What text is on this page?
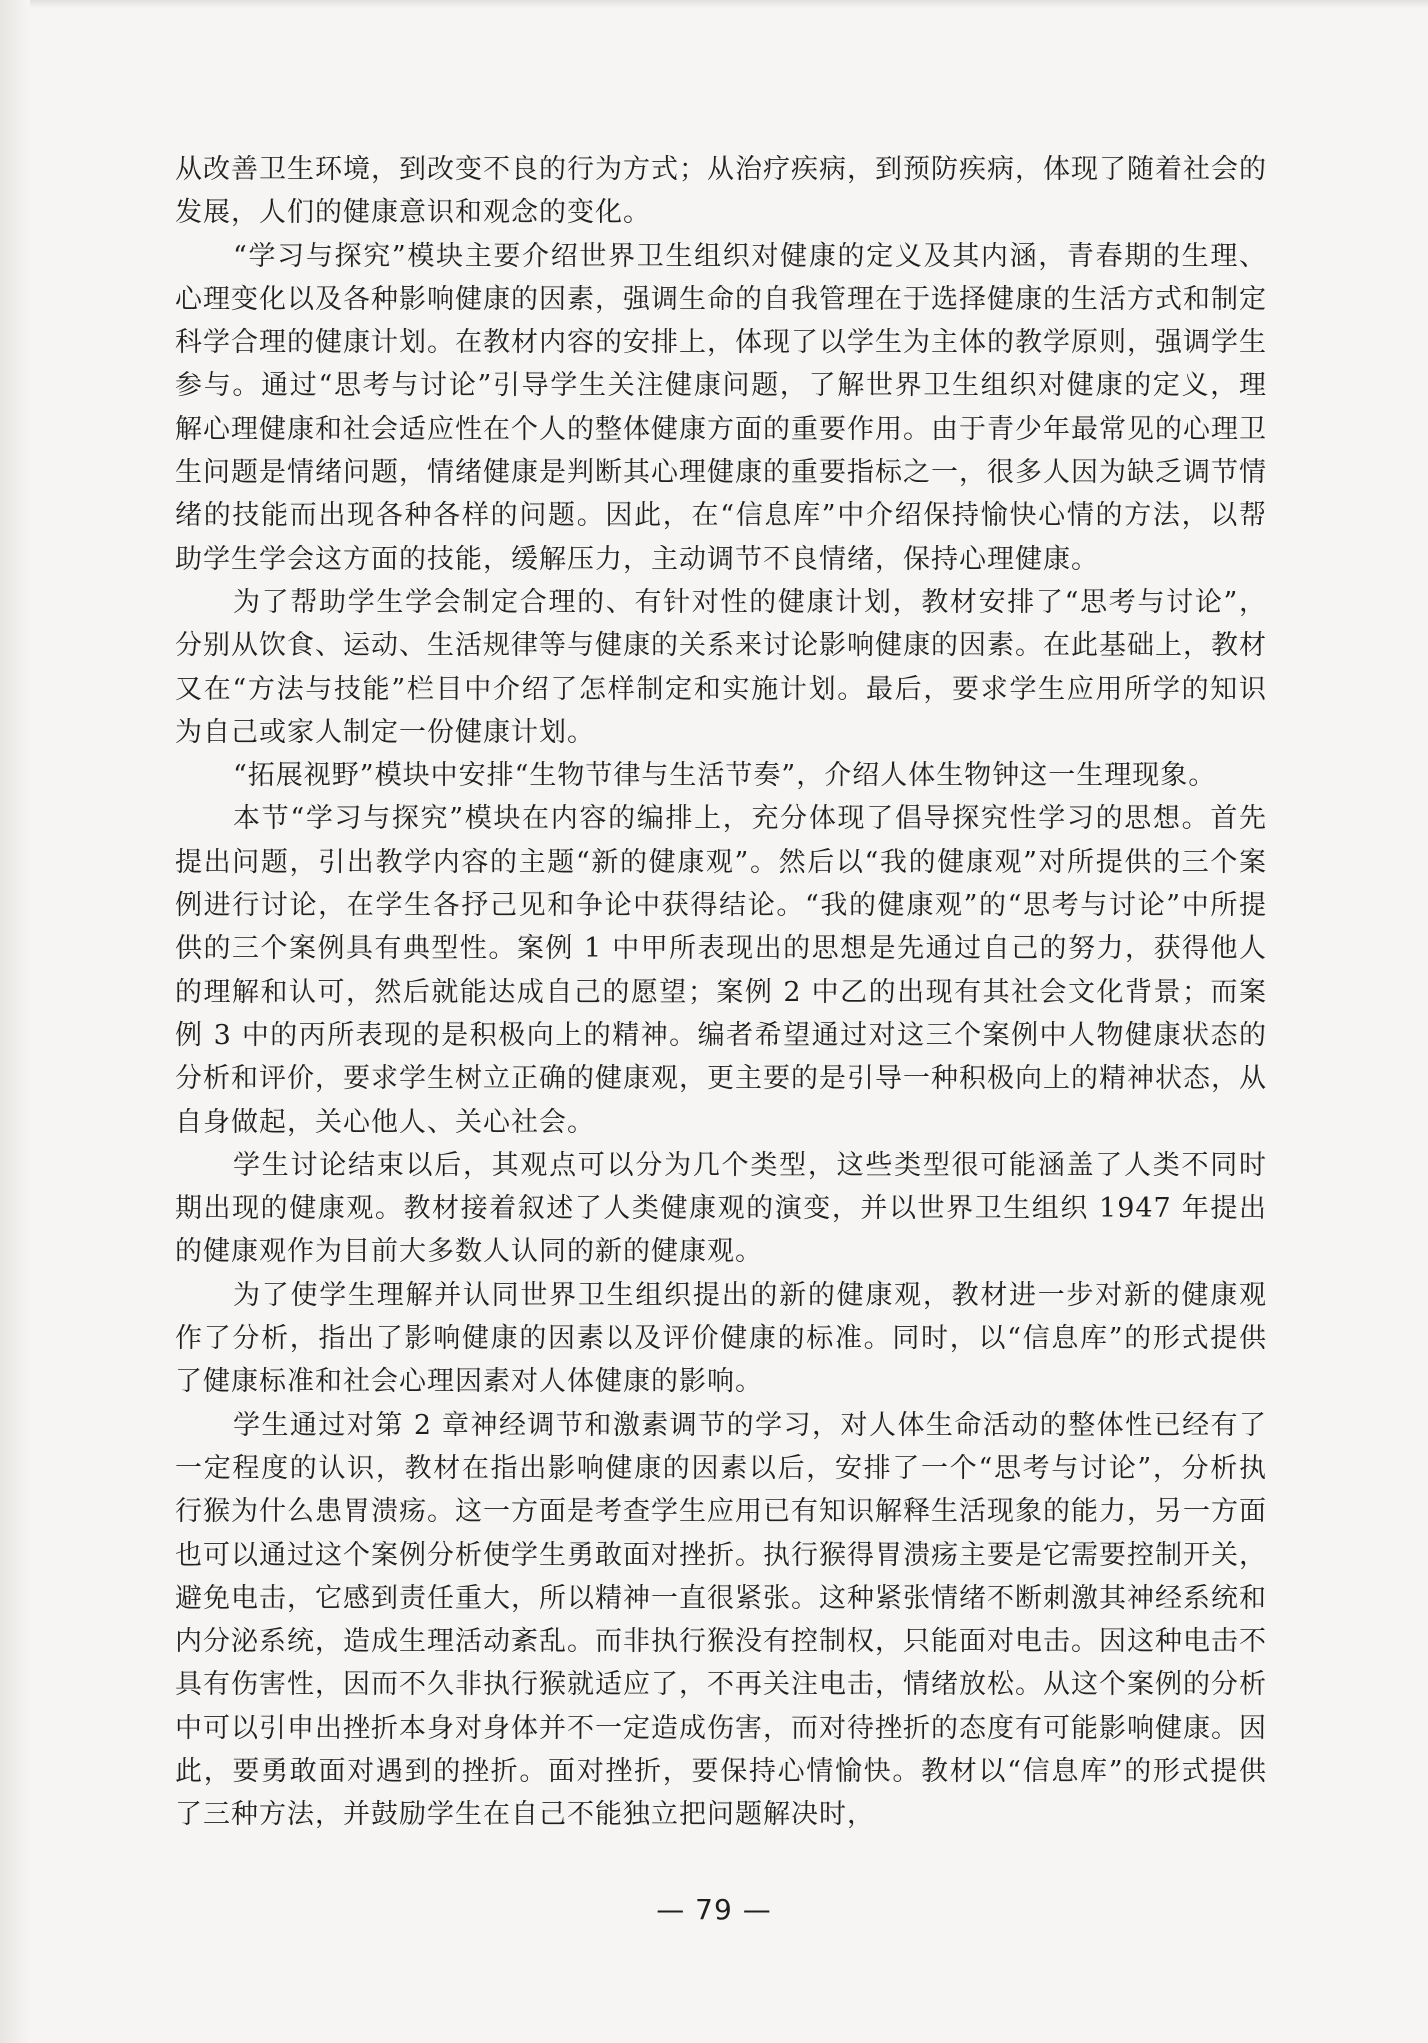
从改善卫生环境，到改变不良的行为方式；从治疗疾病，到预防疾病，体现了随着社会的发展，人们的健康意识和观念的变化。

“学习与探究”模块主要介绍世界卫生组织对健康的定义及其内涵，青春期的生理、心理变化以及各种影响健康的因素，强调生命的自我管理在于选择健康的生活方式和制定科学合理的健康计划。在教材内容的安排上，体现了以学生为主体的教学原则，强调学生参与。通过“思考与讨论”引导学生关注健康问题，了解世界卫生组织对健康的定义，理解心理健康和社会适应性在个人的整体健康方面的重要作用。由于青少年最常见的心理卫生问题是情绪问题，情绪健康是判断其心理健康的重要指标之一，很多人因为缺乏调节情绪的技能而出现各种各样的问题。因此，在“信息库”中介绍保持愉快心情的方法，以帮助学生学会这方面的技能，缓解压力，主动调节不良情绪，保持心理健康。

为了帮助学生学会制定合理的、有针对性的健康计划，教材安排了“思考与讨论”，分别从饮食、运动、生活规律等与健康的关系来讨论影响健康的因素。在此基础上，教材又在“方法与技能”栏目中介绍了怎样制定和实施计划。最后，要求学生应用所学的知识为自己或家人制定一份健康计划。

“拓展视野”模块中安排“生物节律与生活节奏”，介绍人体生物钟这一生理现象。

本节“学习与探究”模块在内容的编排上，充分体现了倡导探究性学习的思想。首先提出问题，引出教学内容的主题“新的健康观”。然后以“我的健康观”对所提供的三个案例进行讨论，在学生各抒己见和争论中获得结论。“我的健康观”的“思考与讨论”中所提供的三个案例具有典型性。案例 1 中甲所表现出的思想是先通过自己的努力，获得他人的理解和认可，然后就能达成自己的愿望；案例 2 中乙的出现有其社会文化背景；而案例 3 中的丙所表现的是积极向上的精神。编者希望通过对这三个案例中人物健康状态的分析和评价，要求学生树立正确的健康观，更主要的是引导一种积极向上的精神状态，从自身做起，关心他人、关心社会。

学生讨论结束以后，其观点可以分为几个类型，这些类型很可能涵盖了人类不同时期出现的健康观。教材接着叙述了人类健康观的演变，并以世界卫生组织 1947 年提出的健康观作为目前大多数人认同的新的健康观。

为了使学生理解并认同世界卫生组织提出的新的健康观，教材进一步对新的健康观作了分析，指出了影响健康的因素以及评价健康的标准。同时，以“信息库”的形式提供了健康标准和社会心理因素对人体健康的影响。

学生通过对第 2 章神经调节和激素调节的学习，对人体生命活动的整体性已经有了一定程度的认识，教材在指出影响健康的因素以后，安排了一个“思考与讨论”，分析执行猴为什么患胃溃疡。这一方面是考查学生应用已有知识解释生活现象的能力，另一方面也可以通过这个案例分析使学生勇敢面对挫折。执行猴得胃溃疡主要是它需要控制开关，避免电击，它感到责任重大，所以精神一直很紧张。这种紧张情绪不断刺激其神经系统和内分泌系统，造成生理活动紊乱。而非执行猴没有控制权，只能面对电击。因这种电击不具有伤害性，因而不久非执行猴就适应了，不再关注电击，情绪放松。从这个案例的分析中可以引申出挫折本身对身体并不一定造成伤害，而对待挫折的态度有可能影响健康。因此，要勇敢面对遇到的挫折。面对挫折，要保持心情愉快。教材以“信息库”的形式提供了三种方法，并鼓励学生在自己不能独立把问题解决时，

— 79 —
